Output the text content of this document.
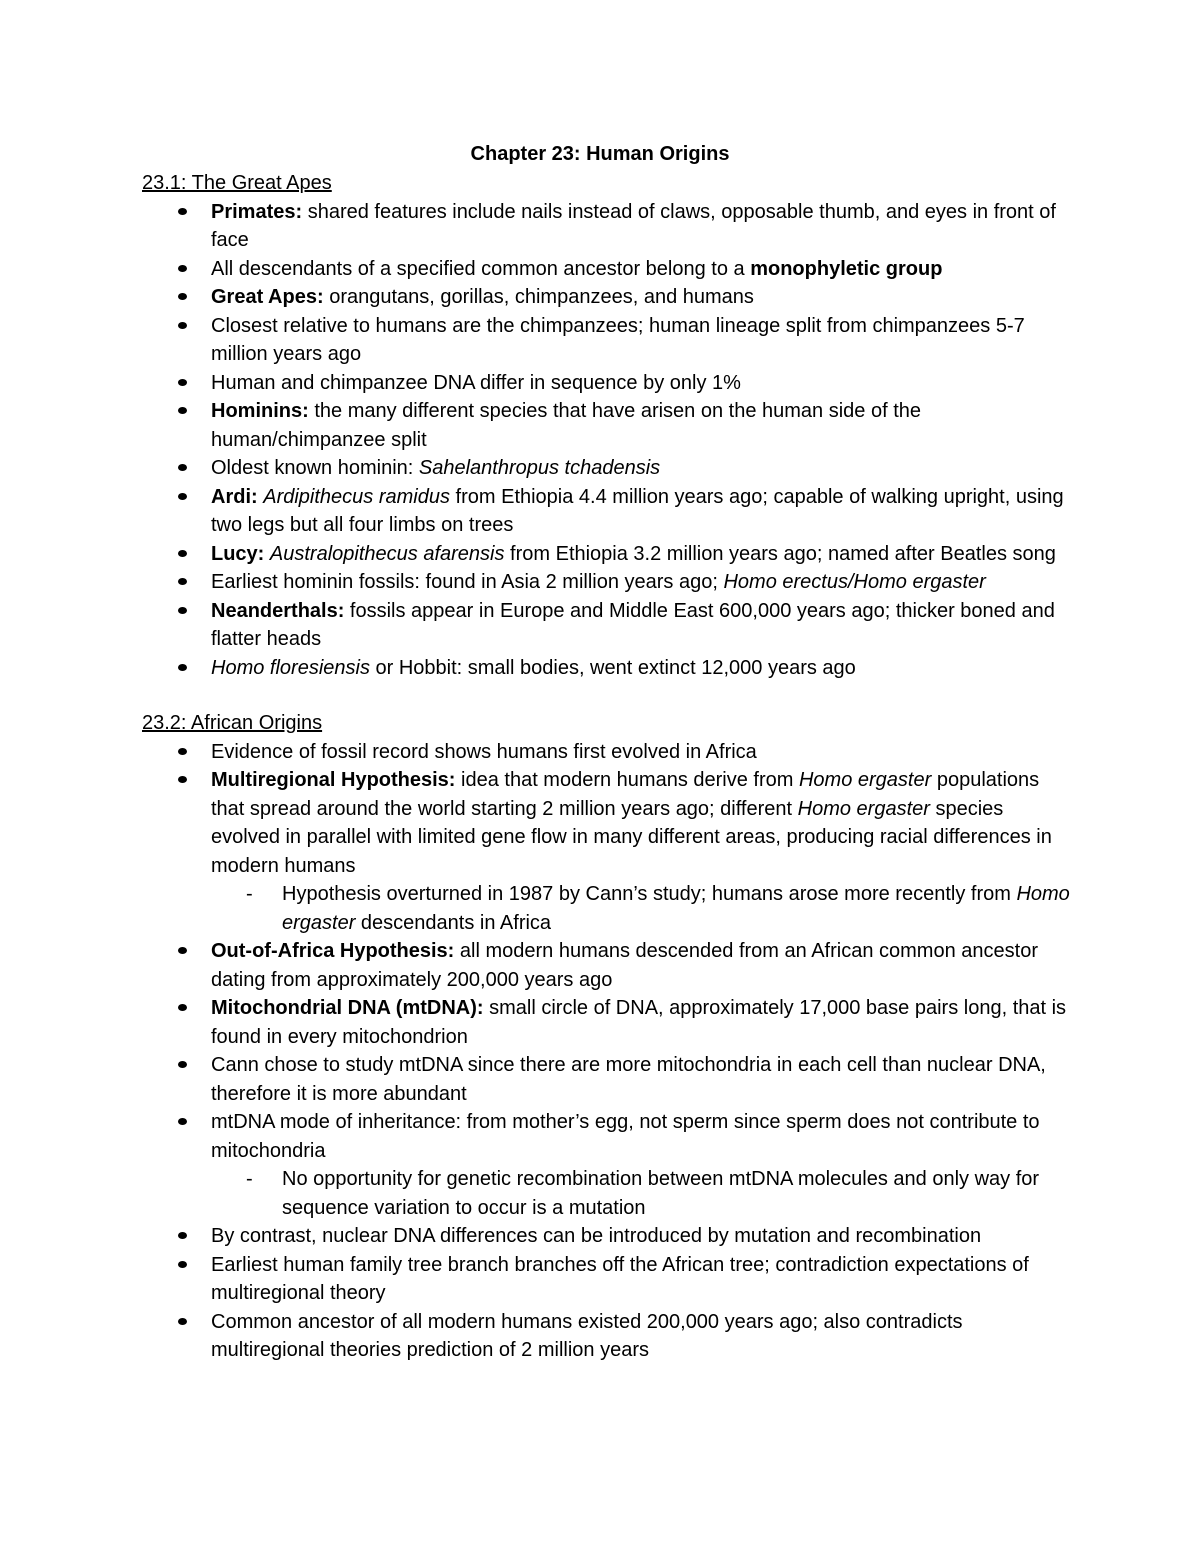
Chapter 23: Human Origins
23.1: The Great Apes
Primates: shared features include nails instead of claws, opposable thumb, and eyes in front of face
All descendants of a specified common ancestor belong to a monophyletic group
Great Apes: orangutans, gorillas, chimpanzees, and humans
Closest relative to humans are the chimpanzees; human lineage split from chimpanzees 5-7 million years ago
Human and chimpanzee DNA differ in sequence by only 1%
Hominins: the many different species that have arisen on the human side of the human/chimpanzee split
Oldest known hominin: Sahelanthropus tchadensis
Ardi: Ardipithecus ramidus from Ethiopia 4.4 million years ago; capable of walking upright, using two legs but all four limbs on trees
Lucy: Australopithecus afarensis from Ethiopia 3.2 million years ago; named after Beatles song
Earliest hominin fossils: found in Asia 2 million years ago; Homo erectus/Homo ergaster
Neanderthals: fossils appear in Europe and Middle East 600,000 years ago; thicker boned and flatter heads
Homo floresiensis or Hobbit: small bodies, went extinct 12,000 years ago
23.2: African Origins
Evidence of fossil record shows humans first evolved in Africa
Multiregional Hypothesis: idea that modern humans derive from Homo ergaster populations that spread around the world starting 2 million years ago; different Homo ergaster species evolved in parallel with limited gene flow in many different areas, producing racial differences in modern humans
- Hypothesis overturned in 1987 by Cann’s study; humans arose more recently from Homo ergaster descendants in Africa
Out-of-Africa Hypothesis: all modern humans descended from an African common ancestor dating from approximately 200,000 years ago
Mitochondrial DNA (mtDNA): small circle of DNA, approximately 17,000 base pairs long, that is found in every mitochondrion
Cann chose to study mtDNA since there are more mitochondria in each cell than nuclear DNA, therefore it is more abundant
mtDNA mode of inheritance: from mother’s egg, not sperm since sperm does not contribute to mitochondria
- No opportunity for genetic recombination between mtDNA molecules and only way for sequence variation to occur is a mutation
By contrast, nuclear DNA differences can be introduced by mutation and recombination
Earliest human family tree branch branches off the African tree; contradiction expectations of multiregional theory
Common ancestor of all modern humans existed 200,000 years ago; also contradicts multiregional theories prediction of 2 million years
